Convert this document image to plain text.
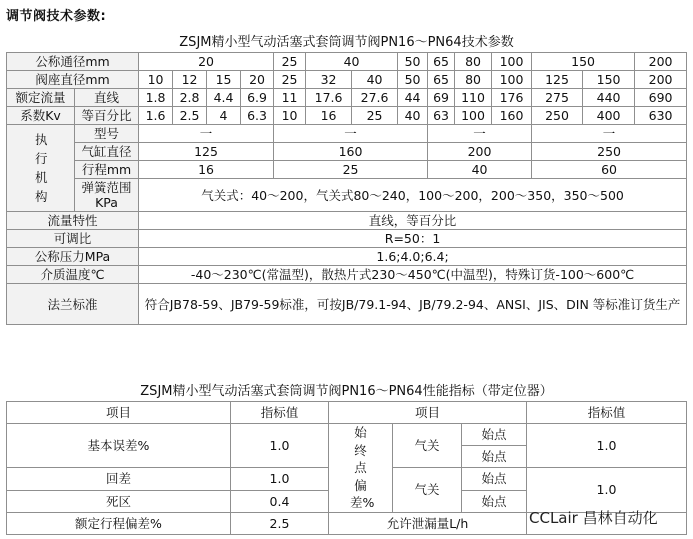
调节阀技术参数:
ZSJM精小型气动活塞式套筒调节阀PN16～PN64技术参数
公称通径mm		20				25	40		50	65	80	100	150		200
阀座直径mm		10	12	15	20	25	32	40	50	65	80	100	125	150	200
额定流量	直线	1.8	2.8	4.4	6.9	11	17.6	27.6	44	69	110	176	275	440	690
系数Kv	等百分比	1.6	2.5	4	6.3	10	16	25	40	63	100	160	250	400	630
执行机构	型号	一				一				一			一		
	气缸直径	125				160				200			250		
	行程mm	16				25				40			60		
	弹簧范围KPa	气关式：40～200，气关式80～240，100～200，200～350，350～500													
流量特性		直线，等百分比													
可调比		R=50：1													
公称压力MPa		1.6;4.0;6.4;													
介质温度℃		-40～230℃(常温型)，散热片式230～450℃(中温型)，特殊订货-100～600℃													
法兰标准		符合JB78-59、JB79-59标准，可按JB/79.1-94、JB/79.2-94、ANSI、JIS、DIN 等标准订货生产													
ZSJM精小型气动活塞式套筒调节阀PN16～PN64性能指标（带定位器）
项目	指标值	项目			指标值
基本误差%	1.0	始终点偏差%	气关	始点	1.0
				始点	
回差	1.0		气关	始点	1.0
死区	0.4			始点	
额定行程偏差%	2.5	允许泄漏量L/h				CCLair 昌林自动化
